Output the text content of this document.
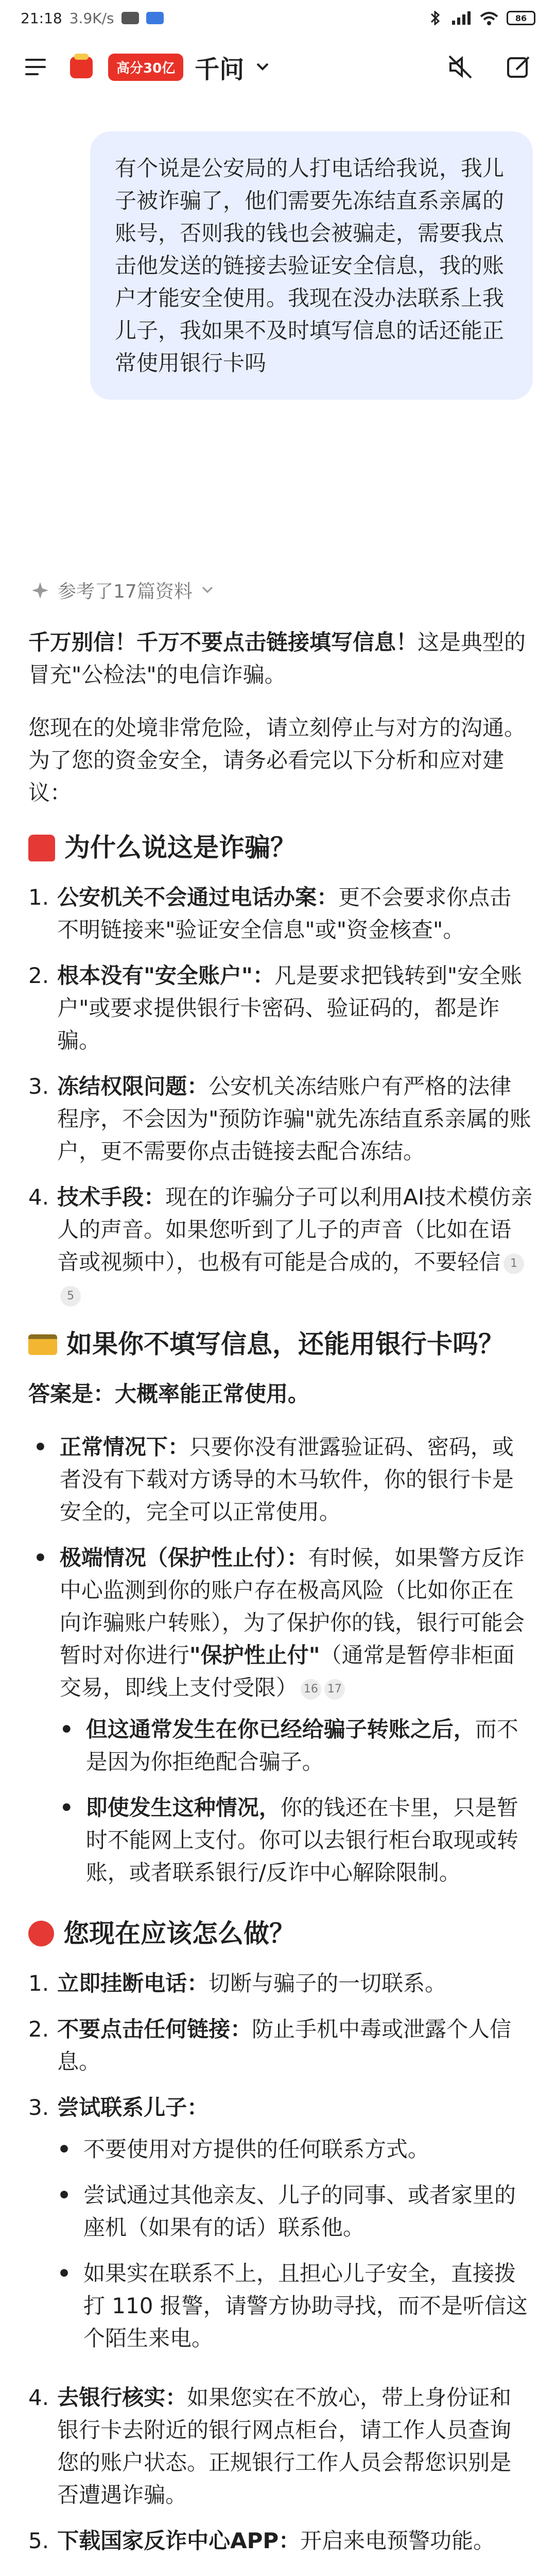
21:18 3.9K/s	86
高分30亿 千问
有个说是公安局的人打电话给我说，我儿子被诈骗了，他们需要先冻结直系亲属的账号，否则我的钱也会被骗走，需要我点击他发送的链接去验证安全信息，我的账户才能安全使用。我现在没办法联系上我儿子，我如果不及时填写信息的话还能正常使用银行卡吗
参考了17篇资料

千万别信！千万不要点击链接填写信息！这是典型的冒充"公检法"的电信诈骗。

您现在的处境非常危险，请立刻停止与对方的沟通。为了您的资金安全，请务必看完以下分析和应对建议：

为什么说这是诈骗？
1. 公安机关不会通过电话办案：更不会要求你点击不明链接来"验证安全信息"或"资金核查"。
2. 根本没有"安全账户"：凡是要求把钱转到"安全账户"或要求提供银行卡密码、验证码的，都是诈骗。
3. 冻结权限问题：公安机关冻结账户有严格的法律程序，不会因为"预防诈骗"就先冻结直系亲属的账户，更不需要你点击链接去配合冻结。
4. 技术手段：现在的诈骗分子可以利用AI技术模仿亲人的声音。如果您听到了儿子的声音（比如在语音或视频中），也极有可能是合成的，不要轻信 15
如果你不填写信息，还能用银行卡吗？

答案是：大概率能正常使用。

• 正常情况下：只要你没有泄露验证码、密码，或者没有下载对方诱导的木马软件，你的银行卡是安全的，完全可以正常使用。
• 极端情况（保护性止付）：有时候，如果警方反诈中心监测到你的账户存在极高风险（比如你正在向诈骗账户转账），为了保护你的钱，银行可能会暂时对你进行"保护性止付"（通常是暂停非柜面交易，即线上支付受限） 16 17
• 但这通常发生在你已经给骗子转账之后，而不是因为你拒绝配合骗子。
• 即使发生这种情况，你的钱还在卡里，只是暂时不能网上支付。你可以去银行柜台取现或转账，或者联系银行/反诈中心解除限制。
您现在应该怎么做？
1. 立即挂断电话：切断与骗子的一切联系。
2. 不要点击任何链接：防止手机中毒或泄露个人信息。
3. 尝试联系儿子：
• 不要使用对方提供的任何联系方式。
• 尝试通过其他亲友、儿子的同事、或者家里的座机（如果有的话）联系他。
• 如果实在联系不上，且担心儿子安全，直接拨打 110 报警，请警方协助寻找，而不是听信这个陌生来电。
4. 去银行核实：如果您实在不放心，带上身份证和银行卡去附近的银行网点柜台，请工作人员查询您的账户状态。正规银行工作人员会帮您识别是否遭遇诈骗。
5. 下载国家反诈中心APP：开启来电预警功能。
